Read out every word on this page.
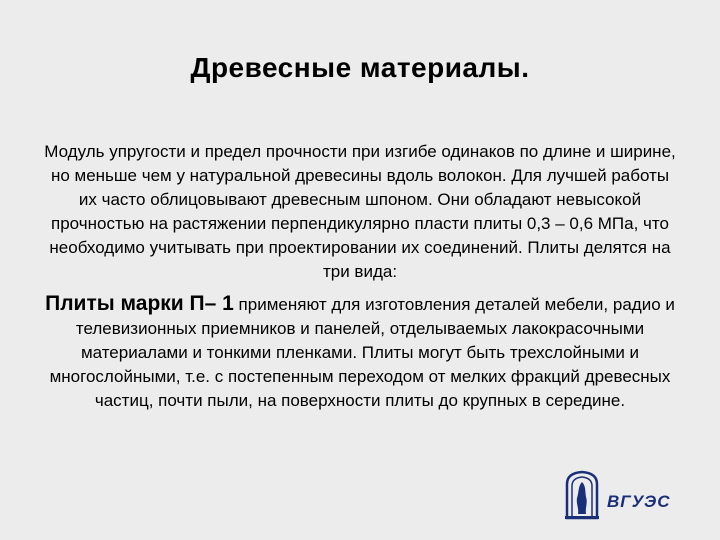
Древесные материалы.

Модуль упругости и предел прочности при изгибе одинаков по длине и ширине, но меньше чем у натуральной древесины вдоль волокон. Для лучшей работы их часто облицовывают древесным шпоном. Они обладают невысокой прочностью на растяжении перпендикулярно пласти плиты 0,3 – 0,6 МПа, что необходимо учитывать при проектировании их соединений. Плиты делятся на три вида:

Плиты марки П– 1 применяют для изготовления деталей мебели, радио и телевизионных приемников и панелей, отделываемых лакокрасочными материалами и тонкими пленками. Плиты могут быть трехслойными и многослойными, т.е. с постепенным переходом от мелких фракций древесных частиц, почти пыли, на поверхности плиты до крупных в середине.

ВГУЭС
